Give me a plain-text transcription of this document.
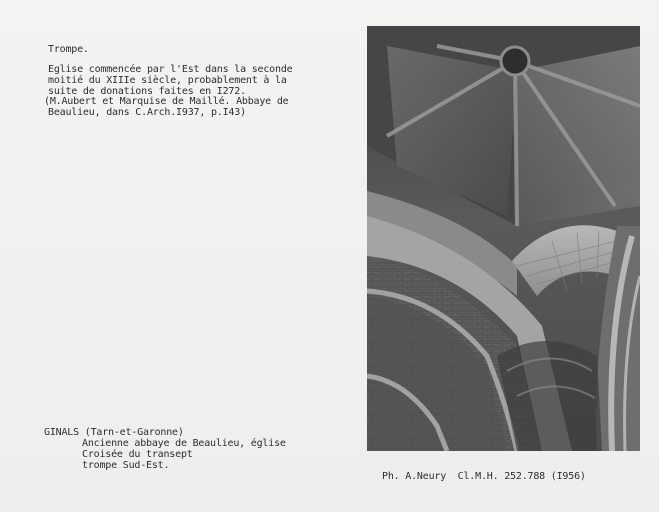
Trompe.
Eglise commencée par l'Est dans la seconde
moitié du XIIIe siècle, probablement à la
suite de donations faites en I272.
(M.Aubert et Marquise de Maillé. Abbaye de
Beaulieu, dans C.Arch.I937, p.I43)
GINALS (Tarn-et-Garonne)
Ancienne abbaye de Beaulieu, église
Croisée du transept
trompe Sud-Est.
Ph. A.Neury  Cl.M.H. 252.788 (I956)
